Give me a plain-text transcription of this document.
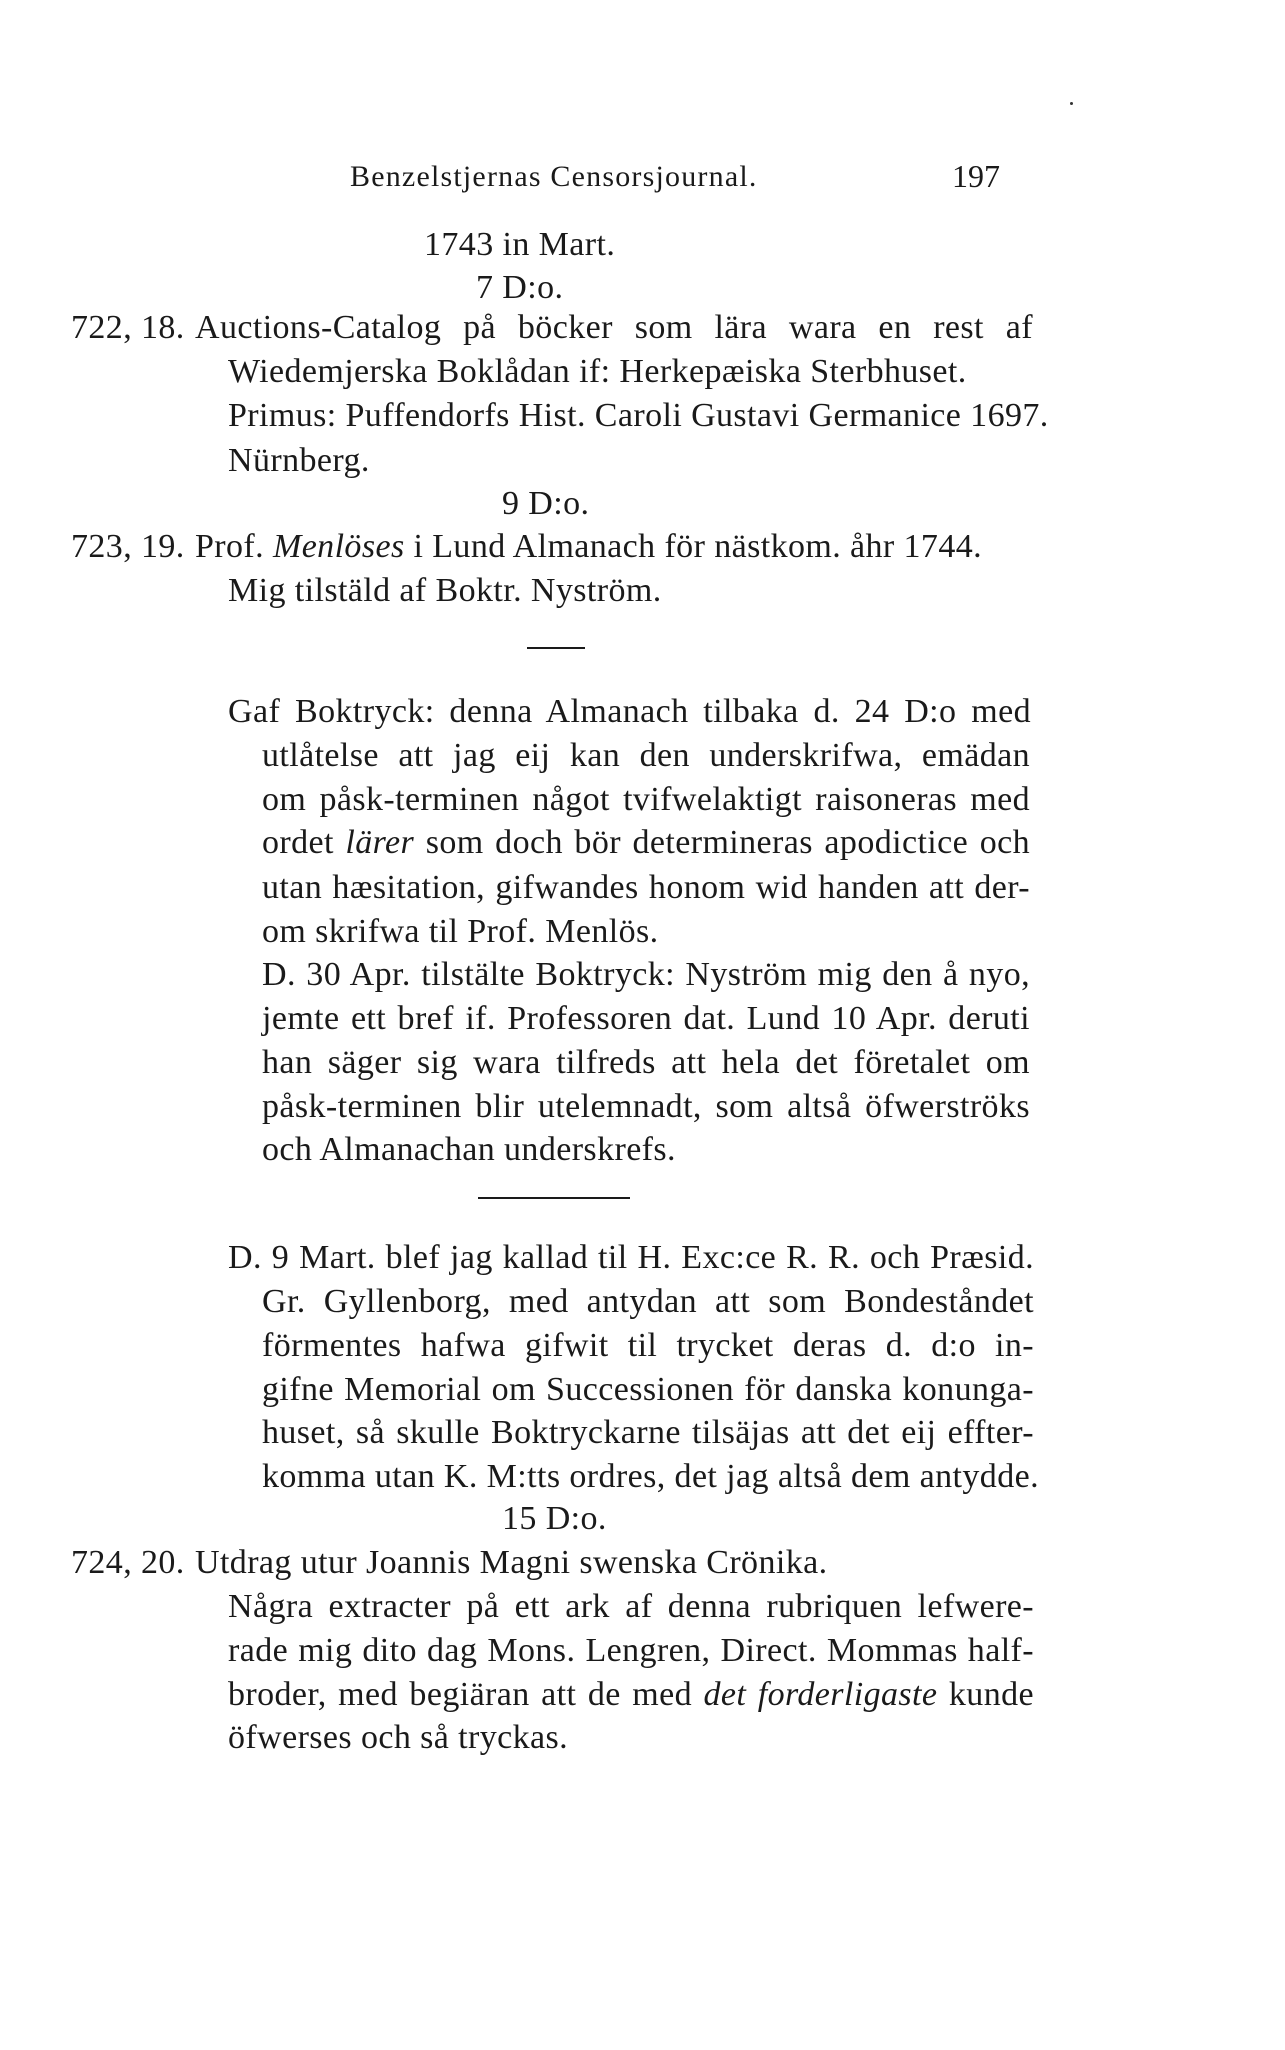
Benzelstjernas Censorsjournal.	197
1743 in Mart.
7 D:o.
722, 18. Auctions-Catalog på böcker som lära wara en rest af
Wiedemjerska Boklådan if: Herkepæiska Sterbhuset.
Primus: Puffendorfs Hist. Caroli Gustavi Germanice 1697.
Nürnberg.
9 D:o.
723, 19. Prof. Menlöses i Lund Almanach för nästkom. åhr 1744.
Mig tilstäld af Boktr. Nyström.
Gaf Boktryck: denna Almanach tilbaka d. 24 D:o med
utlåtelse att jag eij kan den underskrifwa, emädan
om påsk-terminen något tvifwelaktigt raisoneras med
ordet lärer som doch bör determineras apodictice och
utan hæsitation, gifwandes honom wid handen att der-
om skrifwa til Prof. Menlös.
D. 30 Apr. tilstälte Boktryck: Nyström mig den å nyo,
jemte ett bref if. Professoren dat. Lund 10 Apr. deruti
han säger sig wara tilfreds att hela det företalet om
påsk-terminen blir utelemnadt, som altså öfwerströks
och Almanachan underskrefs.
D. 9 Mart. blef jag kallad til H. Exc:ce R. R. och Præsid.
Gr. Gyllenborg, med antydan att som Bondeståndet
förmentes hafwa gifwit til trycket deras d. d:o in-
gifne Memorial om Successionen för danska konunga-
huset, så skulle Boktryckarne tilsäjas att det eij effter-
komma utan K. M:tts ordres, det jag altså dem antydde.
15 D:o.
724, 20. Utdrag utur Joannis Magni swenska Crönika.
Några extracter på ett ark af denna rubriquen lefwere-
rade mig dito dag Mons. Lengren, Direct. Mommas half-
broder, med begiäran att de med det forderligaste kunde
öfwerses och så tryckas.
